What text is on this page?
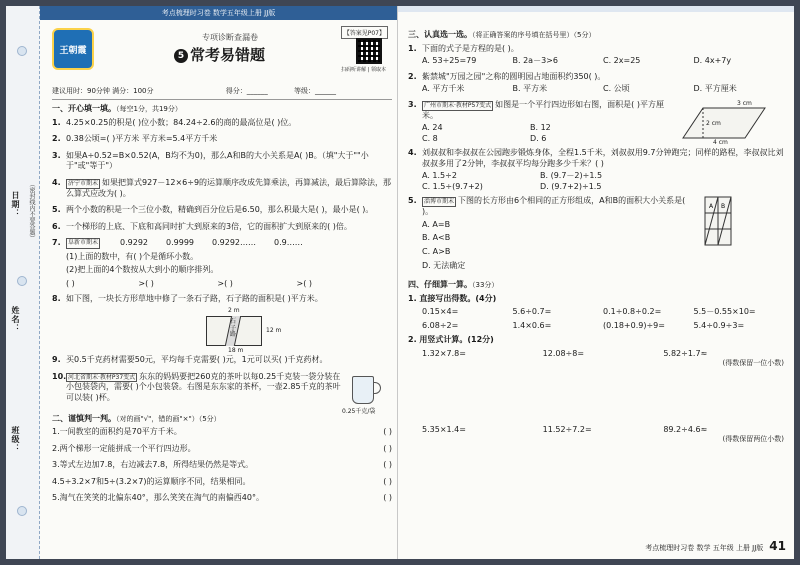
日期：
姓名：
班级：
（密封线内不要答题）
考点梳理时习卷 数学五年级上册 JJ版
王朝霞
专项诊断查漏卷
5 常考易错题
【答案见P07】
扫码听讲解 | 领取本
建议用时：90分钟 满分：100分	得分：______	等级：______
一、开心填一填。（每空1分，共19分）
1. 4.25×0.25的积是( )位小数；84.24÷2.6的商的最高位是( )位。
2. 0.38公顷=( )平方米 平方米=5.4平方千米
3. 如果A÷0.52=B×0.52(A，B均不为0)，那么A和B的大小关系是A( )B。（填"大于""小于"或"等于"）
4.	济宁市期末 如果把算式927－12×6÷9的运算顺序改成先算乘法，再算减法，最后算除法，那么算式应改为( )。
5. 两个小数的积是一个三位小数，精确到百分位后是6.50，那么积最大是( )，最小是( )。
6. 一个梯形的上底、下底和高同时扩大到原来的3倍，它的面积扩大到原来的( )倍。
7.	阜新市期末	0.9292 0.9999 0.9292…… 0.9……
(1)上面的数中，有( )个是循环小数。
(2)把上面的4个数按从大到小的顺序排列。
( )	>( )	>( )	>( )
8. 如下图，一块长方形草地中修了一条石子路，石子路的面积是( )平方米。
石子路
2 m
12 m
18 m
9. 买0.5千克药材需要50元，平均每千克需要( )元，1元可以买( )千克药材。
10. 河北省期末·教材P37变式 东东的妈妈要把260克的茶叶以每0.25千克装一袋分装在小包装袋内，需要( )个小包装袋。右图是东东家的茶杯，一壶2.85千克的茶叶可以装( )杯。
0.25千克/袋
二、谨慎判一判。（对的画"√"，错的画"×"）（5分）
1.一间教室的面积约是70平方千米。	( )
2.两个梯形一定能拼成一个平行四边形。	( )
3.等式左边加7.8，右边减去7.8，所得结果仍然是等式。	( )
4.5÷3.2×7和5÷(3.2×7)的运算顺序不同，结果相同。	( )
5.淘气在笑笑的北偏东40°，那么笑笑在淘气的南偏西40°。	( )
三、认真选一选。（将正确答案的序号填在括号里）（5分）
1. 下面的式子是方程的是( )。
A. 53÷25=79	B. 2a－3>6	C. 2x=25	D. 4x+7y
2. 紫禁城"万园之园"之称的圆明园占地面积约350( )。
A. 平方千米	B. 平方米	C. 公顷	D. 平方厘米
3.	广州市期末·教材P57变式 如图是一个平行四边形如右图，面积是( )平方厘米。
A. 24	B. 12
C. 8	D. 6
3 cm
2 cm
4 cm
4. 刘叔叔和李叔叔在公园跑步锻炼身体，全程1.5千米，刘叔叔用9.7分钟跑完；同样的路程，李叔叔比刘叔叔多用了2分钟，李叔叔平均每分跑多少千米？( )
A. 1.5÷2	B. (9.7－2)÷1.5
C. 1.5÷(9.7+2)	D. (9.7+2)÷1.5
5.	淄博市期末 下图的长方形由6个相同的正方形组成，A和B的面积大小关系是( )。
A. A=B
B. A<B
C. A>B
D. 无法确定
A B
四、仔细算一算。（33分）
1. 直接写出得数。(4分)
0.15×4=	5.6÷0.7=	0.1÷0.8÷0.2=	5.5－0.55×10=
6.08÷2=	1.4×0.6=	(0.18+0.9)÷9=	5.4÷0.9÷3=
2. 用竖式计算。(12分)
1.32×7.8=	12.08÷8=	5.82÷1.7≈
(得数保留一位小数)
5.35×1.4=	11.52÷7.2=	89.2÷4.6≈
(得数保留两位小数)
考点梳理时习卷 数学 五年级 上册 JJ版 41
